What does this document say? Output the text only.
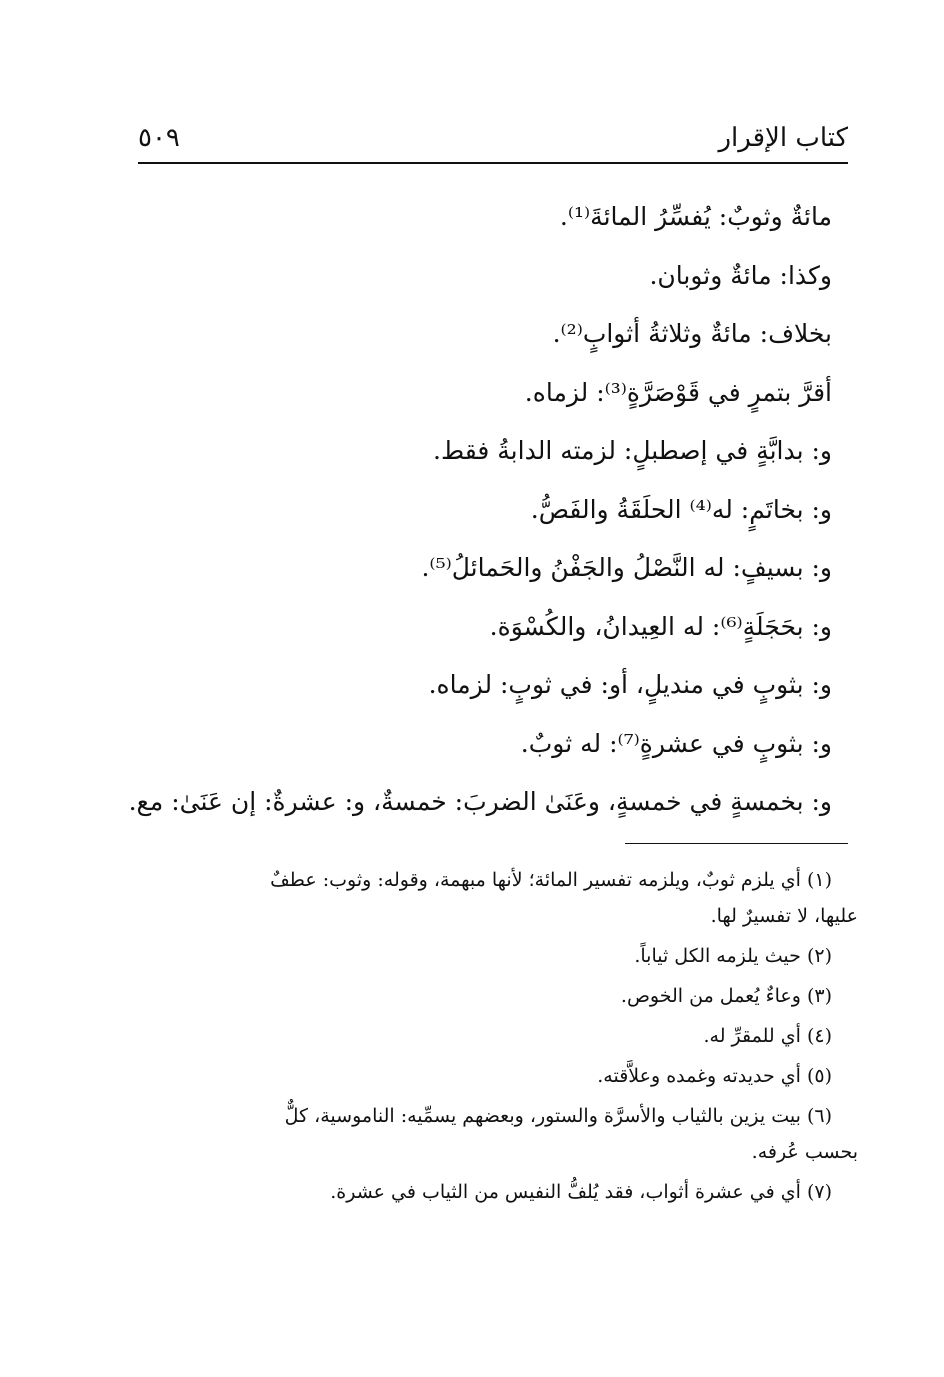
كتاب الإقرار
٥٠٩
مائةٌ وثوبٌ: يُفسِّرُ المائةَ⁽¹⁾.
وكذا: مائةٌ وثوبان.
بخلاف: مائةٌ وثلاثةُ أثوابٍ⁽²⁾.
أقرَّ بتمرٍ في قَوْصَرَّةٍ⁽³⁾: لزماه.
و: بدابَّةٍ في إصطبلٍ: لزمته الدابةُ فقط.
و: بخاتَمٍ: له⁽⁴⁾ الحلَقَةُ والفَصُّ.
و: بسيفٍ: له النَّصْلُ والجَفْنُ والحَمائلُ⁽⁵⁾.
و: بحَجَلَةٍ⁽⁶⁾: له العِيدانُ، والكُسْوَة.
و: بثوبٍ في منديلٍ، أو: في ثوبٍ: لزماه.
و: بثوبٍ في عشرةٍ⁽⁷⁾: له ثوبٌ.
و: بخمسةٍ في خمسةٍ، وعَنَىٰ الضربَ: خمسةٌ، و: عشرةٌ: إن عَنَىٰ: مع.
(١) أي يلزم ثوبٌ، ويلزمه تفسير المائة؛ لأنها مبهمة، وقوله: وثوب: عطفٌ
عليها، لا تفسيرٌ لها.
(٢) حيث يلزمه الكل ثياباً.
(٣) وعاءٌ يُعمل من الخوص.
(٤) أي للمقرِّ له.
(٥) أي حديدته وغمده وعلاَّقته.
(٦) بيت يزين بالثياب والأسرَّة والستور، وبعضهم يسمِّيه: الناموسية، كلٌّ
بحسب عُرفه.
(٧) أي في عشرة أثواب، فقد يُلفُّ النفيس من الثياب في عشرة.
